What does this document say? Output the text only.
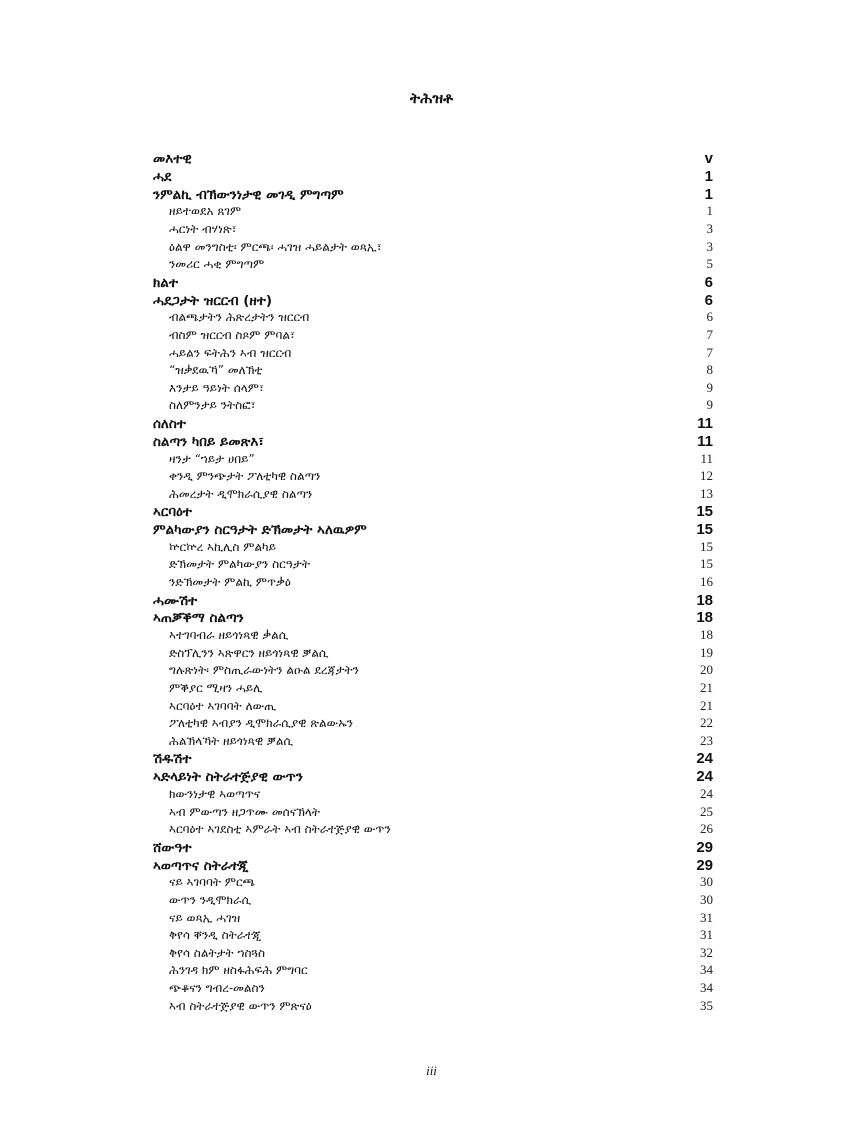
ትሕዝቶ
መእተዊ	v
ሓደ	1
ንምልኪ ብኽውንነታዊ መገዲ ምግጣም	1
ዘይተወደአ ጸገም	1
ሓርነት ብሃነጽ፣	3
ዕልዋ መንግስቲ፡ ምርጫ፡ ሓገዝ ሓይልታት ወጻኢ፣	3
ንመሪር ሓቂ ምግጣም	5
ክልተ	6
ሓደጋታት ዝርርብ (ዘተ)	6
ብልጫታትን ሕጽረታትን ዝርርብ	6
ብስም ዝርርብ ስጾም ምባል፣	7
ሓይልን ፍትሕን ኣብ ዝርርብ	7
“ዝቃደዉኻ” መለኽቲ	8
እንታይ ዓይነት ሰላም፣	9
ስለምንታይ ንትስፎ፣	9
ሰለስተ	11
ስልጣን ካበይ ይመጽእ፣	11
ዛንታ “ኀይታ ሀበይ”	11
ቀንዲ ምንጭታት ፖለቲካዊ ስልጣን	12
ሕመረታት ዲሞክራሲያዊ ስልጣን	13
ኣርባዕተ	15
ምልካውያን ስርዓታት ድኽመታት ኣለዉዎም	15
ኵርኵረ ኣኪሊስ ምልካይ	15
ድኽመታት ምልካውያን ስርዓታት	15
ንድኽመታት ምልኪ ምጥቃዕ	16
ሓሙሽተ	18
ኣጠቓቕማ ስልጣን	18
ኣተገባብራ ዘይጎነጻዊ ቃልሲ	18
ድስፕሊንን ኣጽዋርን ዘይጎነጻዊ ቓልሲ	19
ግሉጽነት፡ ምስጢራውነትን ልዑል ደረጃታትን	20
ምቕያር ሚዛን ሓይሊ	21
ኣርባዕተ ኣገባባት ለውጢ	21
ፖለቲካዊ ኣብያን ዲሞክራሲያዊ ጽልውኡን	22
ሕልኽላኻት ዘይጎነጻዊ ቓልሲ	23
ሽዱሽተ	24
ኣድላይነት ስትራተጅያዊ ውጥን	24
ክውንነታዊ ኣወጣጥና	24
ኣብ ምውጣን ዘጋጥሙ መሰናኽላት	25
ኣርባዕተ ኣገደስቲ ኣምራት ኣብ ስትራተጅያዊ ውጥን	26
ሸውዓተ	29
ኣወጣጥና ስትራተጂ	29
ናይ ኣገባባት ምርጫ	30
ውጥን ንዲሞክራሲ	30
ናይ ወጻኢ ሓገዝ	31
ቅየሳ ቐንዲ ስትራተጂ	31
ቅየሳ ስልትታት ኀስጓስ	32
ሕንገዳ ክም ዘስፋሕፍሕ ምግባር	34
ጭቆናን ግብረ-መልስን	34
ኣብ ስትራተጅያዊ ውጥን ምጽናዕ	35
iii
